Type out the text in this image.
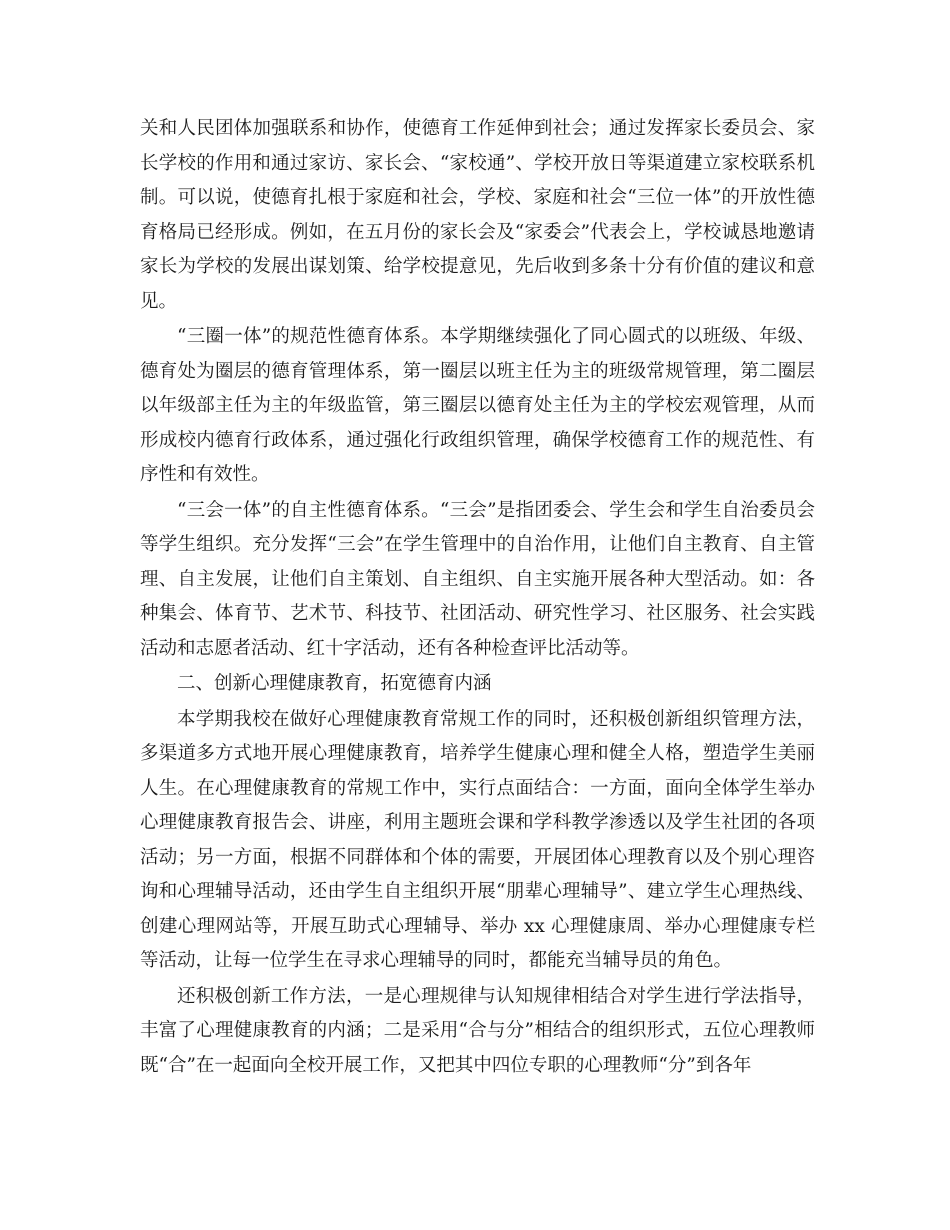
关和人民团体加强联系和协作，使德育工作延伸到社会；通过发挥家长委员会、家长学校的作用和通过家访、家长会、“家校通”、学校开放日等渠道建立家校联系机制。可以说，使德育扎根于家庭和社会，学校、家庭和社会“三位一体”的开放性德育格局已经形成。例如，在五月份的家长会及“家委会”代表会上，学校诚恳地邀请家长为学校的发展出谋划策、给学校提意见，先后收到多条十分有价值的建议和意见。

“三圈一体”的规范性德育体系。本学期继续强化了同心圆式的以班级、年级、德育处为圈层的德育管理体系，第一圈层以班主任为主的班级常规管理，第二圈层以年级部主任为主的年级监管，第三圈层以德育处主任为主的学校宏观管理，从而形成校内德育行政体系，通过强化行政组织管理，确保学校德育工作的规范性、有序性和有效性。

“三会一体”的自主性德育体系。“三会”是指团委会、学生会和学生自治委员会等学生组织。充分发挥“三会”在学生管理中的自治作用，让他们自主教育、自主管理、自主发展，让他们自主策划、自主组织、自主实施开展各种大型活动。如：各种集会、体育节、艺术节、科技节、社团活动、研究性学习、社区服务、社会实践活动和志愿者活动、红十字活动，还有各种检查评比活动等。

二、创新心理健康教育，拓宽德育内涵

本学期我校在做好心理健康教育常规工作的同时，还积极创新组织管理方法，多渠道多方式地开展心理健康教育，培养学生健康心理和健全人格，塑造学生美丽人生。在心理健康教育的常规工作中，实行点面结合：一方面，面向全体学生举办心理健康教育报告会、讲座，利用主题班会课和学科教学渗透以及学生社团的各项活动；另一方面，根据不同群体和个体的需要，开展团体心理教育以及个别心理咨询和心理辅导活动，还由学生自主组织开展“朋辈心理辅导”、建立学生心理热线、创建心理网站等，开展互助式心理辅导、举办 xx 心理健康周、举办心理健康专栏等活动，让每一位学生在寻求心理辅导的同时，都能充当辅导员的角色。

还积极创新工作方法，一是心理规律与认知规律相结合对学生进行学法指导，丰富了心理健康教育的内涵；二是采用“合与分”相结合的组织形式，五位心理教师既“合”在一起面向全校开展工作，又把其中四位专职的心理教师“分”到各年
